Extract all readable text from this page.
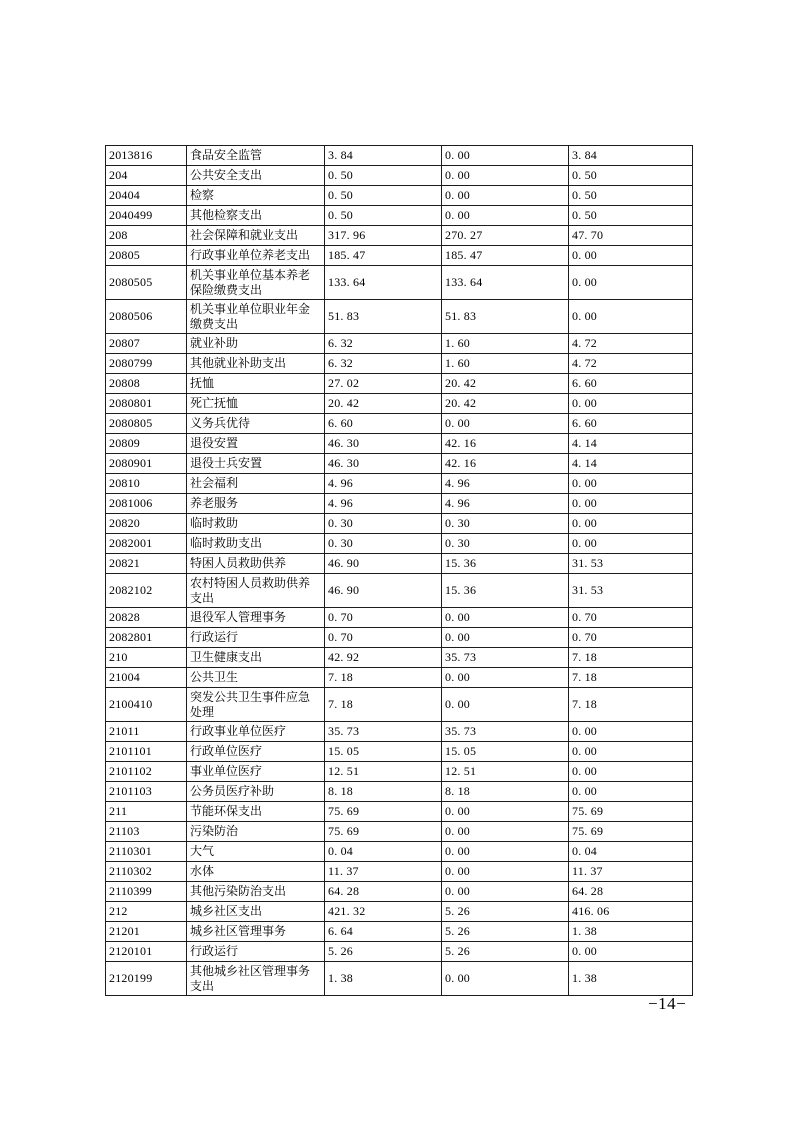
2013816	食品安全监管	3. 84	0. 00	3. 84
204	公共安全支出	0. 50	0. 00	0. 50
20404	检察	0. 50	0. 00	0. 50
2040499	其他检察支出	0. 50	0. 00	0. 50
208	社会保障和就业支出	317. 96	270. 27	47. 70
20805	行政事业单位养老支出	185. 47	185. 47	0. 00
2080505	机关事业单位基本养老保险缴费支出	133. 64	133. 64	0. 00
2080506	机关事业单位职业年金缴费支出	51. 83	51. 83	0. 00
20807	就业补助	6. 32	1. 60	4. 72
2080799	其他就业补助支出	6. 32	1. 60	4. 72
20808	抚恤	27. 02	20. 42	6. 60
2080801	死亡抚恤	20. 42	20. 42	0. 00
2080805	义务兵优待	6. 60	0. 00	6. 60
20809	退役安置	46. 30	42. 16	4. 14
2080901	退役士兵安置	46. 30	42. 16	4. 14
20810	社会福利	4. 96	4. 96	0. 00
2081006	养老服务	4. 96	4. 96	0. 00
20820	临时救助	0. 30	0. 30	0. 00
2082001	临时救助支出	0. 30	0. 30	0. 00
20821	特困人员救助供养	46. 90	15. 36	31. 53
2082102	农村特困人员救助供养支出	46. 90	15. 36	31. 53
20828	退役军人管理事务	0. 70	0. 00	0. 70
2082801	行政运行	0. 70	0. 00	0. 70
210	卫生健康支出	42. 92	35. 73	7. 18
21004	公共卫生	7. 18	0. 00	7. 18
2100410	突发公共卫生事件应急处理	7. 18	0. 00	7. 18
21011	行政事业单位医疗	35. 73	35. 73	0. 00
2101101	行政单位医疗	15. 05	15. 05	0. 00
2101102	事业单位医疗	12. 51	12. 51	0. 00
2101103	公务员医疗补助	8. 18	8. 18	0. 00
211	节能环保支出	75. 69	0. 00	75. 69
21103	污染防治	75. 69	0. 00	75. 69
2110301	大气	0. 04	0. 00	0. 04
2110302	水体	11. 37	0. 00	11. 37
2110399	其他污染防治支出	64. 28	0. 00	64. 28
212	城乡社区支出	421. 32	5. 26	416. 06
21201	城乡社区管理事务	6. 64	5. 26	1. 38
2120101	行政运行	5. 26	5. 26	0. 00
2120199	其他城乡社区管理事务支出	1. 38	0. 00	1. 38
−14−
